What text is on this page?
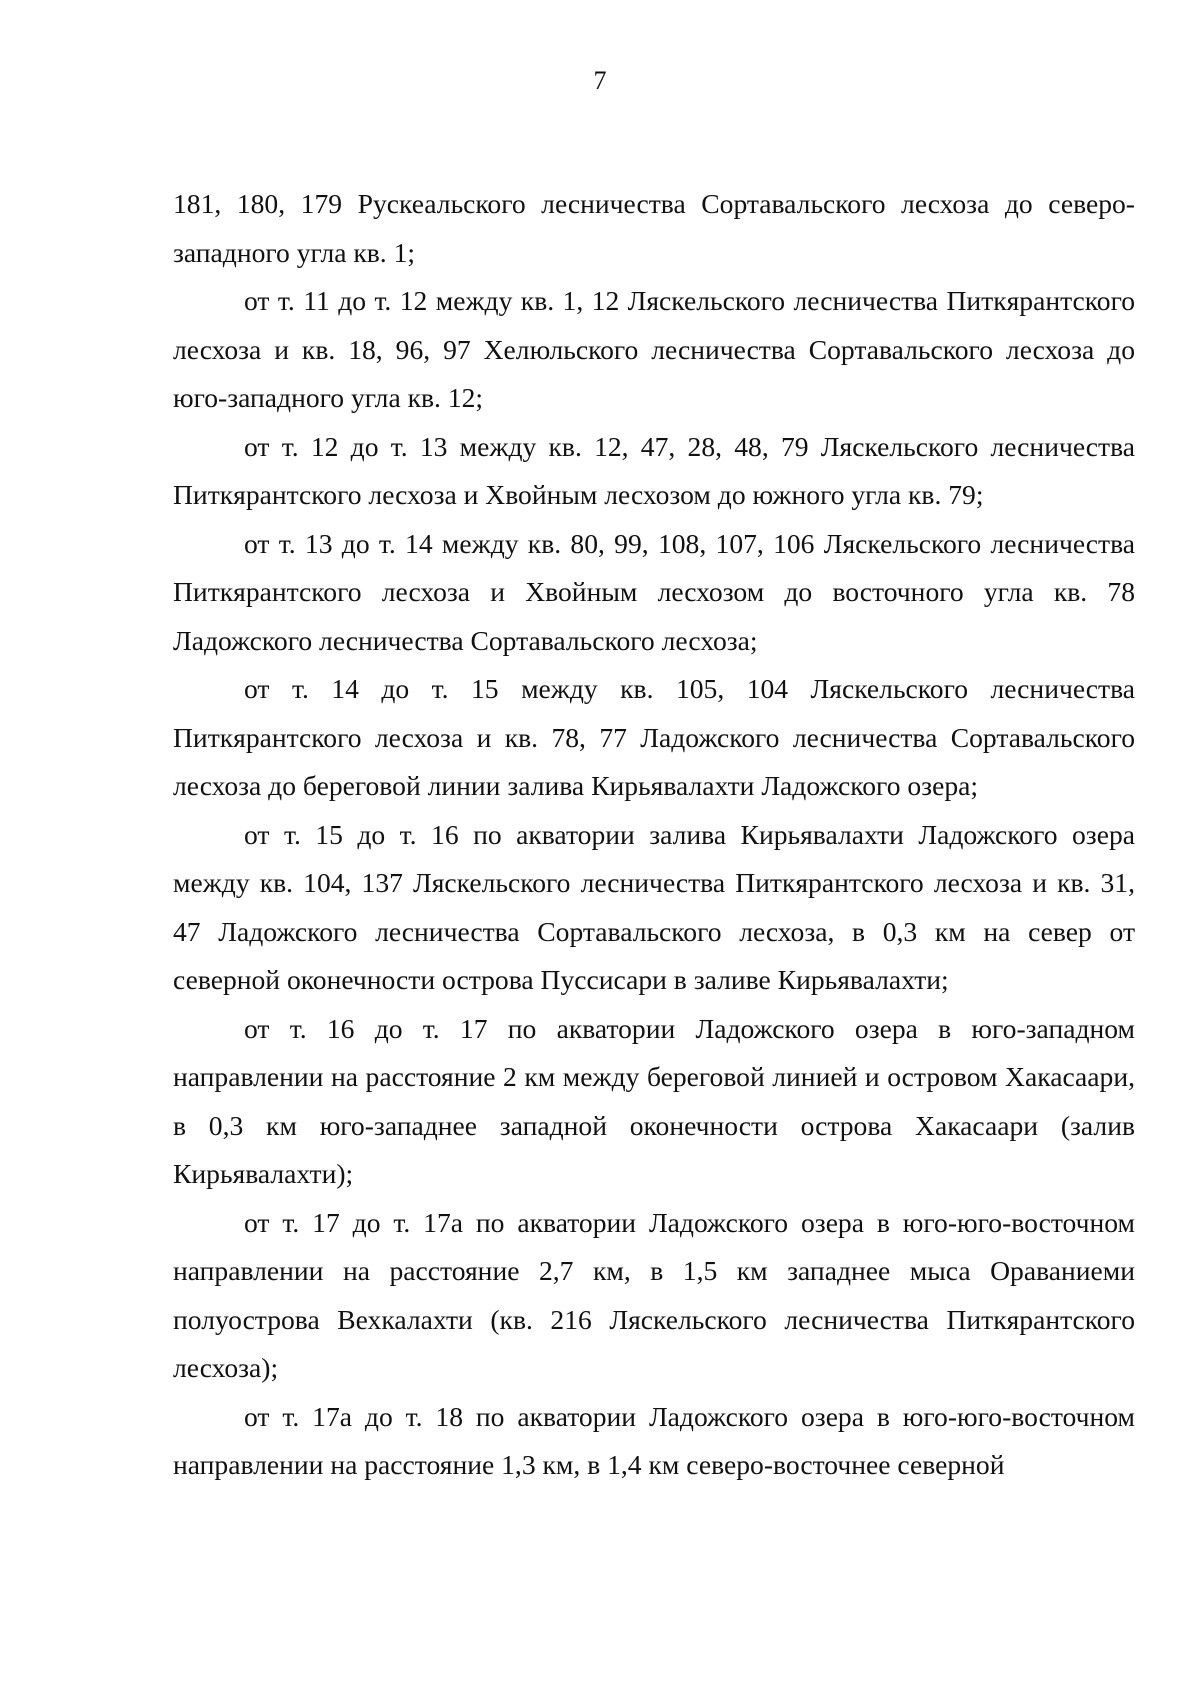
7

181, 180, 179 Рускеальского лесничества Сортавальского лесхоза до северо-западного угла кв. 1;

от т. 11 до т. 12 между кв. 1, 12 Ляскельского лесничества Питкярантского лесхоза и кв. 18, 96, 97 Хелюльского лесничества Сортавальского лесхоза до юго-западного угла кв. 12;

от т. 12 до т. 13 между кв. 12, 47, 28, 48, 79 Ляскельского лесничества Питкярантского лесхоза и Хвойным лесхозом до южного угла кв. 79;

от т. 13 до т. 14 между кв. 80, 99, 108, 107, 106 Ляскельского лесничества Питкярантского лесхоза и Хвойным лесхозом до восточного угла кв. 78 Ладожского лесничества Сортавальского лесхоза;

от т. 14 до т. 15 между кв. 105, 104 Ляскельского лесничества Питкярантского лесхоза и кв. 78, 77 Ладожского лесничества Сортавальского лесхоза до береговой линии залива Кирьявалахти Ладожского озера;

от т. 15 до т. 16 по акватории залива Кирьявалахти Ладожского озера между кв. 104, 137 Ляскельского лесничества Питкярантского лесхоза и кв. 31, 47 Ладожского лесничества Сортавальского лесхоза, в 0,3 км на север от северной оконечности острова Пуссисари в заливе Кирьявалахти;

от т. 16 до т. 17 по акватории Ладожского озера в юго-западном направлении на расстояние 2 км между береговой линией и островом Хакасаари, в 0,3 км юго-западнее западной оконечности острова Хакасаари (залив Кирьявалахти);

от т. 17 до т. 17а по акватории Ладожского озера в юго-юго-восточном направлении на расстояние 2,7 км, в 1,5 км западнее мыса Ораваниеми полуострова Вехкалахти (кв. 216 Ляскельского лесничества Питкярантского лесхоза);

от т. 17а до т. 18 по акватории Ладожского озера в юго-юго-восточном направлении на расстояние 1,3 км, в 1,4 км северо-восточнее северной
